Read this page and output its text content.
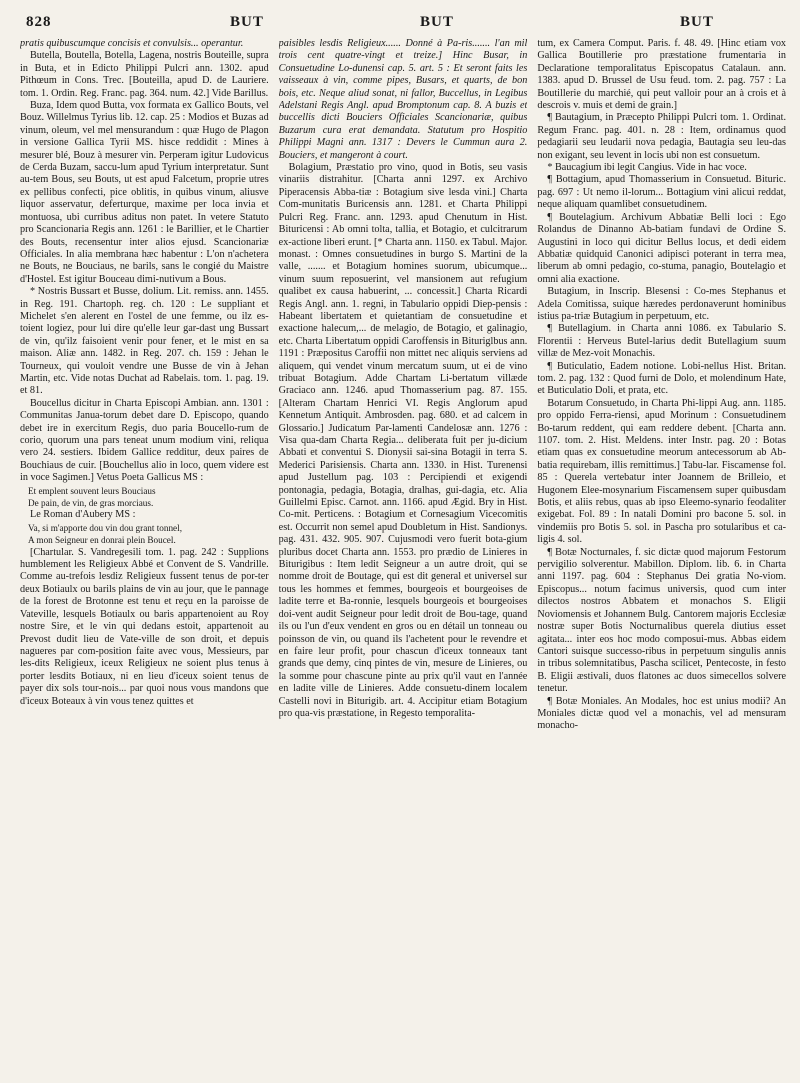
828	BUT	BUT	BUT

pratis quibuscumque concisis et convulsis... operantur.

Butella, Boutella, Botella, Lagena, nostris Bouteille, supra in Buta, et in Edicto Philippi Pulcri ann. 1302. apud Pithœum in Cons. Trec. [Bouteilla, apud D. de Lauriere. tom. 1. Ordin. Reg. Franc. pag. 364. num. 42.] Vide Barillus.

Buza, Idem quod Butta, vox formata ex Gallico Bouts, vel Bouz. Willelmus Tyrius lib. 12. cap. 25 : Modios et Buzas ad vinum, oleum, vel mel mensurandum : quæ Hugo de Plagon in versione Gallica Tyrii MS. hisce reddidit : Mines à mesurer blé, Bouz à mesurer vin. Perperam igitur Ludovicus de Cerda Buzam, saccu-lum apud Tyrium interpretatur. Sunt au-tem Bous, seu Bouts, ut est apud Falcetum, proprie utres ex pellibus confecti, pice oblitis, in quibus vinum, aliusve liquor asservatur, deferturque, maxime per loca invia et montuosa, ubi curribus aditus non patet. In vetere Statuto pro Scancionaria Regis ann. 1261 : le Barillier, et le Chartier des Bouts, recensentur inter alios ejusd. Scancionariæ Officiales. In alia membrana hæc habentur : L'on n'achetera ne Bouts, ne Bouciaus, ne barils, sans le congié du Maistre d'Hostel. Est igitur Bouceau dimi-nutivum a Bous.

* Nostris Bussart et Busse, dolium. Lit. remiss. ann. 1455. in Reg. 191. Chartoph. reg. ch. 120 : Le suppliant et Michelet s'en alerent en l'ostel de une femme, ou ilz es-toient logiez, pour lui dire qu'elle leur gar-dast ung Bussart de vin, qu'ilz faisoient venir pour fener, et le mist en sa maison. Aliæ ann. 1482. in Reg. 207. ch. 159 : Jehan le Tourneux, qui vouloit vendre une Busse de vin à Jehan Martin, etc. Vide notas Duchat ad Rabelais. tom. 1. pag. 19. et 81.

Boucellus dicitur in Charta Episcopi Ambian. ann. 1301 : Communitas Janua-torum debet dare D. Episcopo, quando debet ire in exercitum Regis, duo paria Boucello-rum de corio, quorum una pars teneat unum modium vini, reliqua vero 24. sestiers. Ibidem Gallice redditur, deux paires de Bouchiaus de cuir. [Bouchellus alio in loco, quem videre est in voce Sagimen.] Vetus Poeta Gallicus MS :

Et emplent souvent leurs Bouciaus

De pain, de vin, de gras morciaus.

Le Roman d'Aubery MS :

Va, si m'apporte dou vin dou grant tonnel,

A mon Seigneur en donrai plein Boucel.

[Chartular. S. Vandregesili tom. 1. pag. 242 : Supplions humblement les Religieux Abbé et Convent de S. Vandrille. Comme au-trefois lesdiz Religieux fussent tenus de por-ter deux Botiaulx ou barils plains de vin au jour, que le pannage de la forest de Brotonne est tenu et reçu en la paroisse de Vateville, lesquels Botiaulx ou baris appartenoient au Roy nostre Sire, et le vin qui dedans estoit, appartenoit au Prevost dudit lieu de Vate-ville de son droit, et depuis nagueres par com-position faite avec vous, Messieurs, par les-dits Religieux, iceux Religieux ne soient plus tenus à porter lesdits Botiaux, ni en lieu d'iceux soient tenus de payer dix sols tour-nois... par quoi nous vous mandons que d'iceux Boteaux à vin vous tenez quittes et

paisibles lesdis Religieux...... Donné à Pa-ris....... l'an mil trois cent quatre-vingt et treize.] Hinc Busar, in Consuetudine Lo-dunensi cap. 5. art. 5 : Et seront faits les vaisseaux à vin, comme pipes, Busars, et quarts, de bon bois, etc. Neque aliud sonat, ni fallor, Buccellus, in Legibus Adelstani Regis Angl. apud Bromptonum cap. 8. A buzis et buccellis dicti Bouciers Officiales Scancionariæ, quibus Buzarum cura erat demandata. Statutum pro Hospitio Philippi Magni ann. 1317 : Devers le Cummun aura 2. Bouciers, et mangeront à court.

Bolagium, Præstatio pro vino, quod in Botis, seu vasis vinariis distrahitur. [Charta anni 1297. ex Archivo Piperacensis Abba-tiæ : Botagium sive lesda vini.] Charta Com-munitatis Buricensis ann. 1281. et Charta Philippi Pulcri Reg. Franc. ann. 1293. apud Chenutum in Hist. Bituricensi : Ab omni tolta, tallia, et Botagio, et culcitrarum ex-actione liberi erunt. [* Charta ann. 1150. ex Tabul. Major. monast. : Omnes consuetudines in burgo S. Martini de la valle, ....... et Botagium homines suorum, ubicumque... vinum suum reposuerint, vel mansionem aut refugium qualibet ex causa habuerint, ... concessit.] Charta Ricardi Regis Angl. ann. 1. regni, in Tabulario oppidi Diep-pensis : Habeant libertatem et quietantiam de consuetudine et exactione halecum,... de melagio, de Botagio, et galinagio, etc. Charta Libertatum oppidi Caroffensis in Bituriglbus ann. 1191 : Præpositus Caroffii non mittet nec aliquis serviens ad aliquem, qui vendet vinum mercatum suum, ut ei de vino tribuat Botagium. Adde Chartam Li-bertatum villæde Graciaco ann. 1246. apud Thomasserium pag. 87. 155. [Alteram Chartam Henrici VI. Regis Anglorum apud Kennetum Antiquit. Ambrosden. pag. 680. et ad calcem in Glossario.] Judicatum Par-lamenti Candelosæ ann. 1276 : Visa qua-dam Charta Regia... deliberata fuit per ju-dicium Abbati et conventui S. Dionysii sai-sina Botagii in terra S. Mederici Parisiensis. Charta ann. 1330. in Hist. Turenensi apud Justellum pag. 103 : Percipiendi et exigendi pontonagia, pedagia, Botagia, dralhas, gui-dagia, etc. Alia Guillelmi Episc. Carnot. ann. 1166. apud Ægid. Bry in Hist. Co-mit. Perticens. : Botagium et Cornesagium Vicecomitis est. Occurrit non semel apud Doubletum in Hist. Sandionys. pag. 431. 432. 905. 907. Cujusmodi vero fuerit bota-gium pluribus docet Charta ann. 1553. pro prædio de Linieres in Biturigibus : Item ledit Seigneur a un autre droit, qui se nomme droit de Boutage, qui est dit general et universel sur tous les hommes et femmes, bourgeois et bourgeoises de ladite terre et Ba-ronnie, lesquels bourgeois et bourgeoises doi-vent audit Seigneur pour ledit droit de Bou-tage, quand ils ou l'un d'eux vendent en gros ou en détail un tonneau ou poinsson de vin, ou quand ils l'achetent pour le revendre et en faire leur profit, pour chascun d'iceux tonneaux tant grands que demy, cinq pintes de vin, mesure de Linieres, ou la somme pour chascune pinte au prix qu'il vaut en l'année en ladite ville de Linieres. Adde consuetu-dinem localem Castelli novi in Biturigib. art. 4. Accipitur etiam Botagium pro qua-vis præstatione, in Regesto temporalita-

tum, ex Camera Comput. Paris. f. 48. 49. [Hinc etiam vox Gallica Boutillerie pro præstatione frumentaria in Declaratione temporalitatus Episcopatus Catalaun. ann. 1383. apud D. Brussel de Usu feud. tom. 2. pag. 757 : La Boutillerie du marchié, qui peut valloir pour an à crois et à descrois v. muis et demi de grain.]

¶ Bautagium, in Præcepto Philippi Pulcri tom. 1. Ordinat. Regum Franc. pag. 401. n. 28 : Item, ordinamus quod pedagiarii seu leudarii nova pedagia, Bautagia seu leu-das non exigant, seu levent in locis ubi non est consuetum.

* Baucagium ibi legit Cangius. Vide in hac voce.

¶ Bottagium, apud Thomasserium in Consuetud. Bituric. pag. 697 : Ut nemo il-lorum... Bottagium vini alicui reddat, neque aliquam quamlibet consuetudinem.

¶ Boutelagium. Archivum Abbatiæ Belli loci : Ego Rolandus de Dinanno Ab-batiam fundavi de Ordine S. Augustini in loco qui dicitur Bellus locus, et dedi eidem Abbatiæ quidquid Canonici adipisci poterant in terra mea, liberum ab omni pedagio, co-stuma, panagio, Boutelagio et omni alia exactione.

Butagium, in Inscrip. Blesensi : Co-mes Stephanus et Adela Comitissa, suique hæredes perdonaverunt hominibus istius pa-triæ Butagium in perpetuum, etc.

¶ Butellagium. in Charta anni 1086. ex Tabulario S. Florentii : Herveus Butel-larius dedit Butellagium suum villæ de Mez-voit Monachis.

¶ Buticulatio, Eadem notione. Lobi-nellus Hist. Britan. tom. 2. pag. 132 : Quod furni de Dolo, et molendinum Hate, et Buticulatio Doli, et prata, etc.

Botarum Consuetudo, in Charta Phi-lippi Aug. ann. 1185. pro oppido Ferra-riensi, apud Morinum : Consuetudinem Bo-tarum reddent, qui eam reddere debent. [Charta ann. 1107. tom. 2. Hist. Meldens. inter Instr. pag. 20 : Botas etiam quas ex consuetudine meorum antecessorum ab Ab-batia requirebam, illis remittimus.] Tabu-lar. Fiscamense fol. 85 : Querela vertebatur inter Joannem de Brilleio, et Hugonem Elee-mosynarium Fiscamensem super quibusdam Botis, et aliis rebus, quas ab ipso Eleemo-synario feodaliter exigebat. Fol. 89 : In natali Domini pro bacone 5. sol. in vindemiis pro Botis 5. sol. in Pascha pro sotularibus et ca-ligis 4. sol.

¶ Botæ Nocturnales, f. sic dictæ quod majorum Festorum pervigilio solverentur. Mabillon. Diplom. lib. 6. in Charta anni 1197. pag. 604 : Stephanus Dei gratia No-viom. Episcopus... notum facimus universis, quod cum inter dilectos nostros Abbatem et monachos S. Eligii Noviomensis et Johannem Bulg. Cantorem majoris Ecclesiæ nostræ super Botis Nocturnalibus querela diutius esset agitata... inter eos hoc modo composui-mus. Abbas eidem Cantori suisque successo-ribus in perpetuum singulis annis in tribus solemnitatibus, Pascha scilicet, Pentecoste, in festo B. Eligii æstivali, duos flatones ac duos simecellos solvere tenetur.

¶ Botæ Moniales. An Modales, hoc est unius modii? An Moniales dictæ quod vel a monachis, vel ad mensuram monacho-
